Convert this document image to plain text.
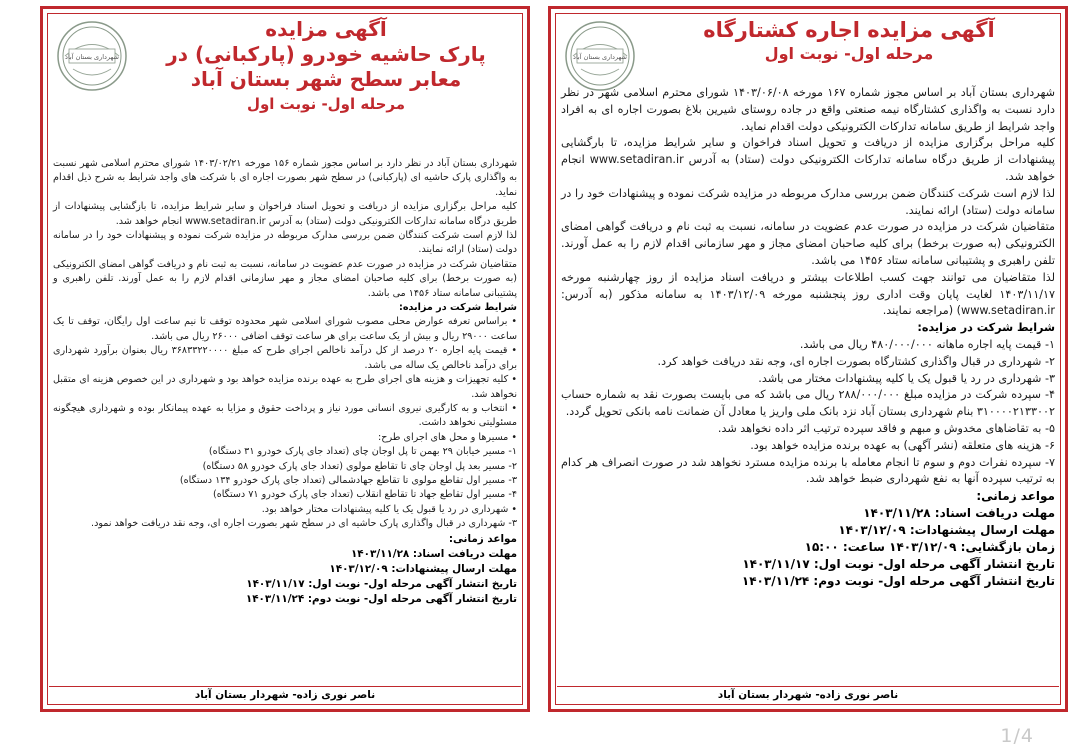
شهرداری بستان آباد
آگهی مزایده اجاره کشتارگاه
مرحله اول- نوبت اول

شهرداری بستان آباد بر اساس مجوز شماره ۱۶۷ مورخه ۱۴۰۳/۰۶/۰۸ شورای محترم اسلامی شهر در نظر دارد نسبت به واگذاری کشتارگاه نیمه صنعتی واقع در جاده روستای شیرین بلاغ بصورت اجاره ای به افراد واجد شرایط از طریق سامانه تدارکات الکترونیکی دولت اقدام نماید.

کلیه مراحل برگزاری مزایده از دریافت و تحویل اسناد فراخوان و سایر شرایط مزایده، تا بارگشایی پیشنهادات از طریق درگاه سامانه تدارکات الکترونیکی دولت (ستاد) به آدرس www.setadiran.ir انجام خواهد شد.

لذا لازم است شرکت کنندگان ضمن بررسی مدارک مربوطه در مزایده شرکت نموده و پیشنهادات خود را در سامانه دولت (ستاد) ارائه نمایند.

متقاضیان شرکت در مزایده در صورت عدم عضویت در سامانه، نسبت به ثبت نام و دریافت گواهی امضای الکترونیکی (به صورت برخط) برای کلیه صاحبان امضای مجاز و مهر سازمانی اقدام لازم را به عمل آورند. تلفن راهبری و پشتیبانی سامانه ستاد ۱۴۵۶ می باشد.

لذا متقاضیان می توانند جهت کسب اطلاعات بیشتر و دریافت اسناد مزایده از روز چهارشنبه مورخه ۱۴۰۳/۱۱/۱۷ لغایت پایان وقت اداری روز پنجشنبه مورخه ۱۴۰۳/۱۲/۰۹ به سامانه مذکور (به آدرس: www.setadiran.ir) (مراجعه نمایند.

شرایط شرکت در مزایده:

۱- قیمت پایه اجاره ماهانه ۴۸۰/۰۰۰/۰۰۰ ریال می باشد.

۲- شهرداری در قبال واگذاری کشتارگاه بصورت اجاره ای، وجه نقد دریافت خواهد کرد.

۳- شهرداری در رد یا قبول یک یا کلیه پیشنهادات مختار می باشد.

۴- سپرده شرکت در مزایده مبلغ ۲۸۸/۰۰۰/۰۰۰ ریال می باشد که می بایست بصورت نقد به شماره حساب ۳۱۰۰۰۰۲۱۳۳۰۰۲ بنام شهرداری بستان آباد نزد بانک ملی واریز یا معادل آن ضمانت نامه بانکی تحویل گردد.

۵- به تقاضاهای مخدوش و مبهم و فاقد سپرده ترتیب اثر داده نخواهد شد.

۶- هزینه های متعلقه (نشر آگهی) به عهده برنده مزایده خواهد بود.

۷- سپرده نفرات دوم و سوم تا انجام معامله با برنده مزایده مسترد نخواهد شد در صورت انصراف هر کدام به ترتیب سپرده آنها به نفع شهرداری ضبط خواهد شد.

مواعد زمانی:

مهلت دریافت اسناد: ۱۴۰۳/۱۱/۲۸

مهلت ارسال پیشنهادات: ۱۴۰۳/۱۲/۰۹

زمان بازگشایی: ۱۴۰۳/۱۲/۰۹ ساعت: ۱۵:۰۰

تاریخ انتشار آگهی مرحله اول- نوبت اول: ۱۴۰۳/۱۱/۱۷

تاریخ انتشار آگهی مرحله اول- نوبت دوم: ۱۴۰۳/۱۱/۲۴

ناصر نوری زاده- شهردار بستان آباد
شهرداری بستان آباد
آگهی مزایده
پارک حاشیه خودرو (پارکبانی) در
معابر سطح شهر بستان آباد
مرحله اول- نوبت اول

شهرداری بستان آباد در نظر دارد بر اساس مجوز شماره ۱۵۶ مورخه ۱۴۰۳/۰۲/۲۱ شورای محترم اسلامی شهر نسبت به واگذاری پارک حاشیه ای (پارکبانی) در سطح شهر بصورت اجاره ای با شرکت های واجد شرایط به شرح ذیل اقدام نماید.

کلیه مراحل برگزاری مزایده از دریافت و تحویل اسناد فراخوان و سایر شرایط مزایده، تا بازگشایی پیشنهادات از طریق درگاه سامانه تدارکات الکترونیکی دولت (ستاد) به آدرس www.setadiran.ir انجام خواهد شد.

لذا لازم است شرکت کنندگان ضمن بررسی مدارک مربوطه در مزایده شرکت نموده و پیشنهادات خود را در سامانه دولت (ستاد) ارائه نمایند.

متقاضیان شرکت در مزایده در صورت عدم عضویت در سامانه، نسبت به ثبت نام و دریافت گواهی امضای الکترونیکی (به صورت برخط) برای کلیه صاحبان امضای مجاز و مهر سازمانی اقدام لازم را به عمل آورند. تلفن راهبری و پشتیبانی سامانه ستاد ۱۴۵۶ می باشد.

شرایط شرکت در مزایده:

• براساس تعرفه عوارض محلی مصوب شورای اسلامی شهر محدوده توقف تا نیم ساعت اول رایگان، توقف تا یک ساعت ۲۹۰۰۰ ریال و بیش از یک ساعت برای هر ساعت توقف اضافی ۲۶۰۰۰ ریال می باشد.

• قیمت پایه اجاره ۲۰ درصد از کل درآمد ناخالص اجرای طرح که مبلغ ۳۶۸۳۳۲۲۰۰۰۰ ریال بعنوان برآورد شهرداری برای درآمد ناخالص یک ساله می باشد.

• کلیه تجهیزات و هزینه های اجرای طرح به عهده برنده مزایده خواهد بود و شهرداری در این خصوص هزینه ای متقبل نخواهد شد.

• انتخاب و به کارگیری نیروی انسانی مورد نیاز و پرداخت حقوق و مزایا به عهده پیمانکار بوده و شهرداری هیچگونه مسئولیتی نخواهد داشت.

• مسیرها و محل های اجرای طرح:

۱- مسیر خیابان ۲۹ بهمن تا پل اوجان چای (تعداد جای پارک خودرو ۳۱ دستگاه)

۲- مسیر بعد پل اوجان چای تا تقاطع مولوی (تعداد جای پارک خودرو ۵۸ دستگاه)

۳- مسیر اول تقاطع مولوی تا تقاطع جهادشمالی (تعداد جای پارک خودرو ۱۳۴ دستگاه)

۴- مسیر اول تقاطع جهاد تا تقاطع انقلاب (تعداد جای پارک خودرو ۷۱ دستگاه)

• شهرداری در رد یا قبول یک یا کلیه پیشنهادات مختار خواهد بود.

۳- شهرداری در قبال واگذاری پارک حاشیه ای در سطح شهر بصورت اجاره ای، وجه نقد دریافت خواهد نمود.

مواعد زمانی:

مهلت دریافت اسناد: ۱۴۰۳/۱۱/۲۸

مهلت ارسال پیشنهادات: ۱۴۰۳/۱۲/۰۹

تاریخ انتشار آگهی مرحله اول- نوبت اول: ۱۴۰۳/۱۱/۱۷

تاریخ انتشار آگهی مرحله اول- نوبت دوم: ۱۴۰۳/۱۱/۲۴

ناصر نوری زاده- شهردار بستان آباد
1/4
